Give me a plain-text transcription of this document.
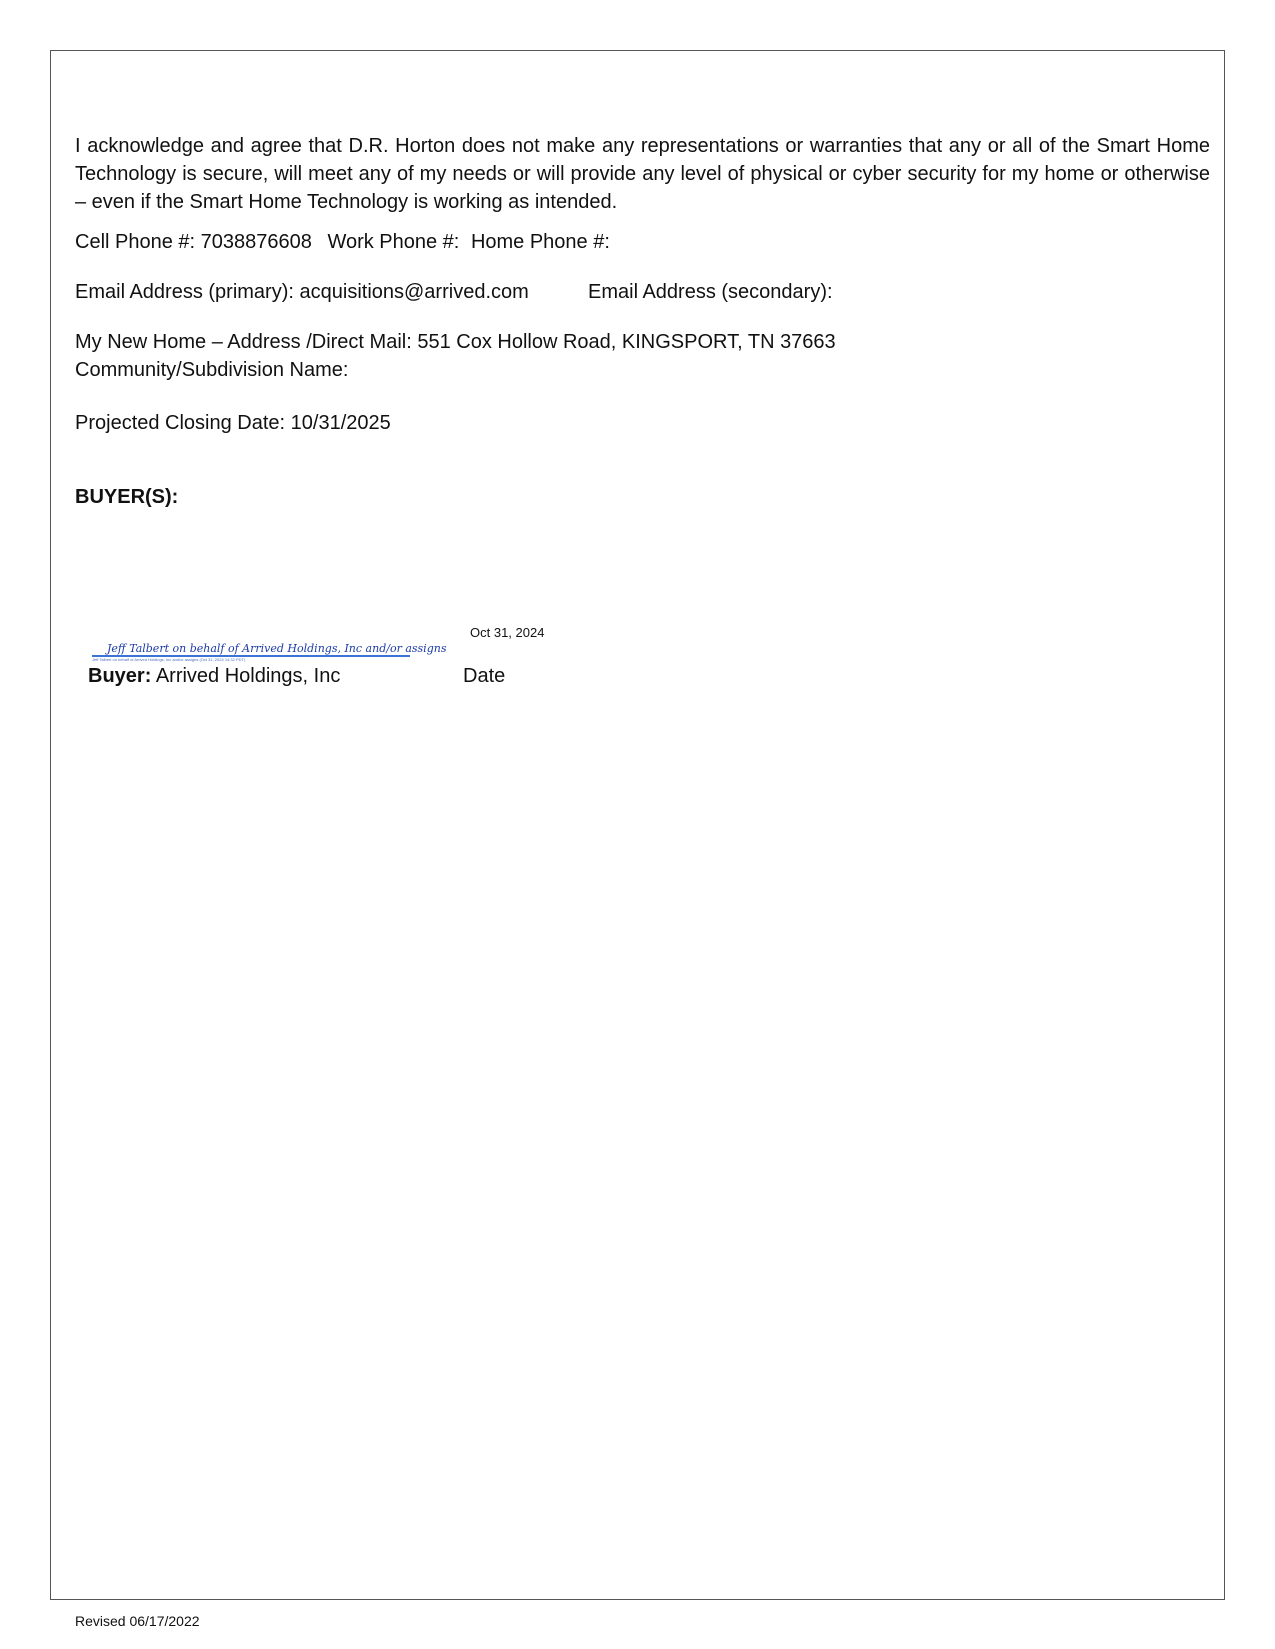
I acknowledge and agree that D.R. Horton does not make any representations or warranties that any or all of the Smart Home Technology is secure, will meet any of my needs or will provide any level of physical or cyber security for my home or otherwise – even if the Smart Home Technology is working as intended.
Cell Phone #: 7038876608 Work Phone #: Home Phone #:
Email Address (primary): acquisitions@arrived.com	Email Address (secondary):
My New Home – Address /Direct Mail: 551 Cox Hollow Road, KINGSPORT, TN 37663
Community/Subdivision Name:
Projected Closing Date: 10/31/2025
BUYER(S):
Oct 31, 2024
Jeff Talbert on behalf of Arrived Holdings, Inc and/or assigns
Jeff Talbert on behalf of Arrived Holdings, Inc and/or assigns (Oct 31, 2024 14:32 PDT)
Buyer: Arrived Holdings, Inc	Date
Revised 06/17/2022
